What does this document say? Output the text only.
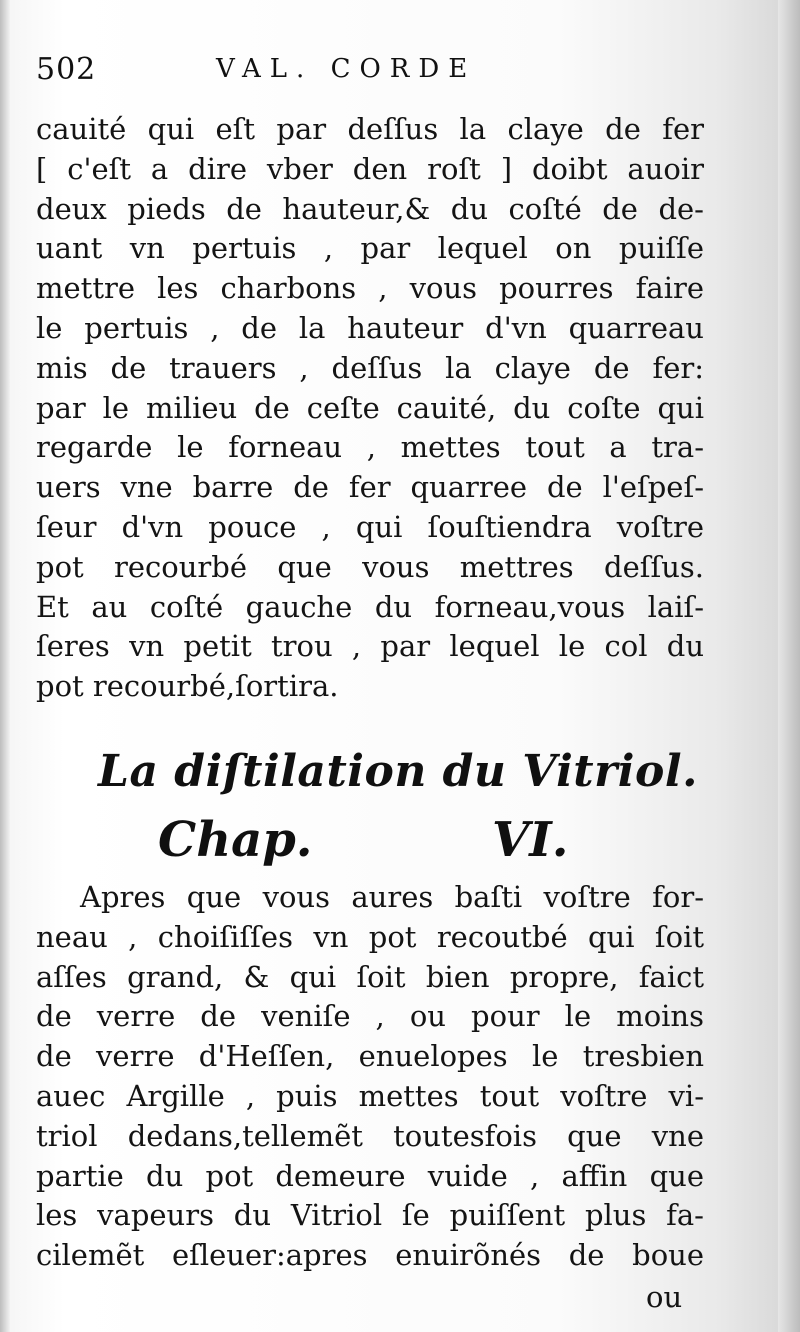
502	VAL. CORDE
cauité qui eſt par deſſus la claye de fer
[ c'eſt a dire vber den roſt ] doibt auoir
deux pieds de hauteur,& du coſté de de-
uant vn pertuis , par lequel on puiſſe
mettre les charbons , vous pourres faire
le pertuis , de la hauteur d'vn quarreau
mis de trauers , deſſus la claye de fer:
par le milieu de ceſte cauité, du coſte qui
regarde le forneau , mettes tout a tra-
uers vne barre de fer quarree de l'eſpeſ-
ſeur d'vn pouce , qui ſouſtiendra voſtre
pot recourbé que vous mettres deſſus.
Et au coſté gauche du forneau,vous laiſ-
ſeres vn petit trou , par lequel le col du
pot recourbé,ſortira.
La diſtilation du Vitriol.
Chap.	VI.
Apres que vous aures baſti voſtre for-
neau , choiſiſſes vn pot recoutbé qui ſoit
aſſes grand, & qui ſoit bien propre, faict
de verre de veniſe , ou pour le moins
de verre d'Heſſen, enuelopes le tresbien
auec Argille , puis mettes tout voſtre vi-
triol dedans,tellemẽt toutesfois que vne
partie du pot demeure vuide , affin que
les vapeurs du Vitriol ſe puiſſent plus fa-
cilemẽt eſleuer:apres enuirõnés de boue
ou
